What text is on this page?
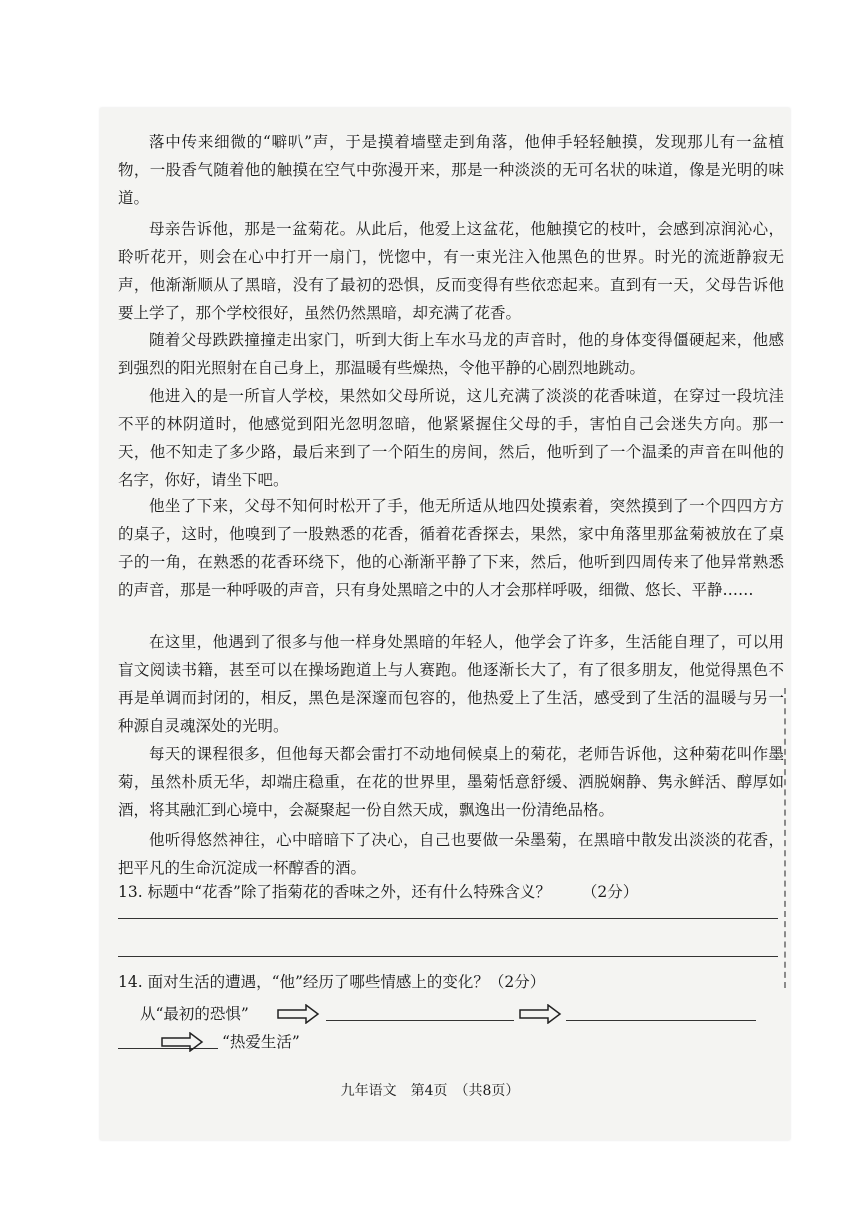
落中传来细微的“噼叭”声，于是摸着墙壁走到角落，他伸手轻轻触摸，发现那儿有一盆植物，一股香气随着他的触摸在空气中弥漫开来，那是一种淡淡的无可名状的味道，像是光明的味道。
母亲告诉他，那是一盆菊花。从此后，他爱上这盆花，他触摸它的枝叶，会感到凉润沁心，聆听花开，则会在心中打开一扇门，恍惚中，有一束光注入他黑色的世界。时光的流逝静寂无声，他渐渐顺从了黑暗，没有了最初的恐惧，反而变得有些依恋起来。直到有一天，父母告诉他要上学了，那个学校很好，虽然仍然黑暗，却充满了花香。
随着父母跌跌撞撞走出家门，听到大街上车水马龙的声音时，他的身体变得僵硬起来，他感到强烈的阳光照射在自己身上，那温暖有些燥热，令他平静的心剧烈地跳动。
他进入的是一所盲人学校，果然如父母所说，这儿充满了淡淡的花香味道，在穿过一段坑洼不平的林阴道时，他感觉到阳光忽明忽暗，他紧紧握住父母的手，害怕自己会迷失方向。那一天，他不知走了多少路，最后来到了一个陌生的房间，然后，他听到了一个温柔的声音在叫他的名字，你好，请坐下吧。
他坐了下来，父母不知何时松开了手，他无所适从地四处摸索着，突然摸到了一个四四方方的桌子，这时，他嗅到了一股熟悉的花香，循着花香探去，果然，家中角落里那盆菊被放在了桌子的一角，在熟悉的花香环绕下，他的心渐渐平静了下来，然后，他听到四周传来了他异常熟悉的声音，那是一种呼吸的声音，只有身处黑暗之中的人才会那样呼吸，细微、悠长、平静……
在这里，他遇到了很多与他一样身处黑暗的年轻人，他学会了许多，生活能自理了，可以用盲文阅读书籍，甚至可以在操场跑道上与人赛跑。他逐渐长大了，有了很多朋友，他觉得黑色不再是单调而封闭的，相反，黑色是深邃而包容的，他热爱上了生活，感受到了生活的温暖与另一种源自灵魂深处的光明。
每天的课程很多，但他每天都会雷打不动地伺候桌上的菊花，老师告诉他，这种菊花叫作墨菊，虽然朴质无华，却端庄稳重，在花的世界里，墨菊恬意舒缓、洒脱娴静、隽永鲜活、醇厚如酒，将其融汇到心境中，会凝聚起一份自然天成，飘逸出一份清绝品格。
他听得悠然神往，心中暗暗下了决心，自己也要做一朵墨菊，在黑暗中散发出淡淡的花香，把平凡的生命沉淀成一杯醇香的酒。
13. 标题中“花香”除了指菊花的香味之外，还有什么特殊含义？ （2分）
14. 面对生活的遭遇，“他”经历了哪些情感上的变化？（2分）
从“最初的恐惧”
“热爱生活”
九年语文　第4页　（共8页）
